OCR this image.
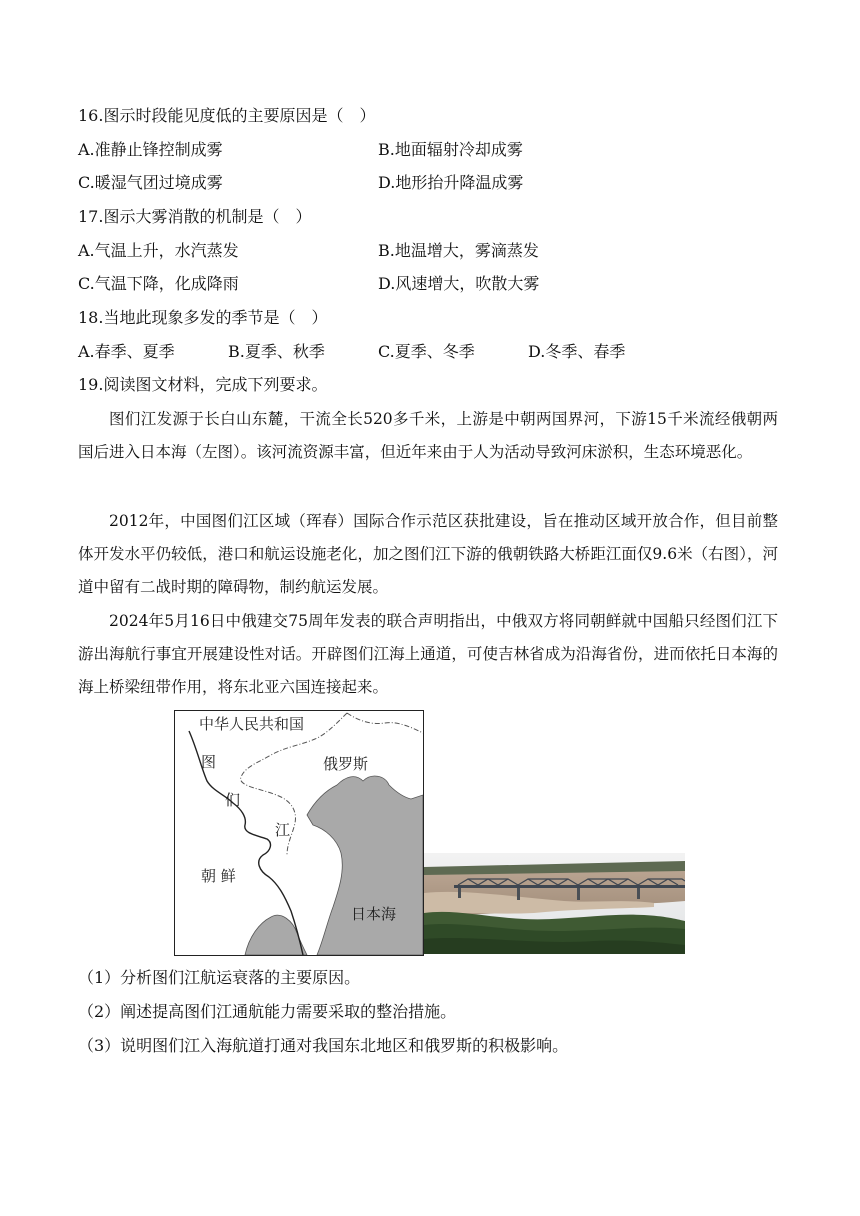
16.图示时段能见度低的主要原因是（　）
A.准静止锋控制成雾	B.地面辐射冷却成雾
C.暖湿气团过境成雾	D.地形抬升降温成雾
17.图示大雾消散的机制是（　）
A.气温上升，水汽蒸发	B.地温增大，雾滴蒸发
C.气温下降，化成降雨	D.风速增大，吹散大雾
18.当地此现象多发的季节是（　）
A.春季、夏季	B.夏季、秋季	C.夏季、冬季	D.冬季、春季
19.阅读图文材料，完成下列要求。
图们江发源于长白山东麓，干流全长520多千米，上游是中朝两国界河，下游15千米流经俄朝两国后进入日本海（左图）。该河流资源丰富，但近年来由于人为活动导致河床淤积，生态环境恶化。
2012年，中国图们江区域（珲春）国际合作示范区获批建设，旨在推动区域开放合作，但目前整体开发水平仍较低，港口和航运设施老化，加之图们江下游的俄朝铁路大桥距江面仅9.6米（右图），河道中留有二战时期的障碍物，制约航运发展。
2024年5月16日中俄建交75周年发表的联合声明指出，中俄双方将同朝鲜就中国船只经图们江下游出海航行事宜开展建设性对话。开辟图们江海上通道，可使吉林省成为沿海省份，进而依托日本海的海上桥梁纽带作用，将东北亚六国连接起来。
中华人民共和国
俄罗斯
图
们
江
朝 鲜
日本海
（1）分析图们江航运衰落的主要原因。
（2）阐述提高图们江通航能力需要采取的整治措施。
（3）说明图们江入海航道打通对我国东北地区和俄罗斯的积极影响。
